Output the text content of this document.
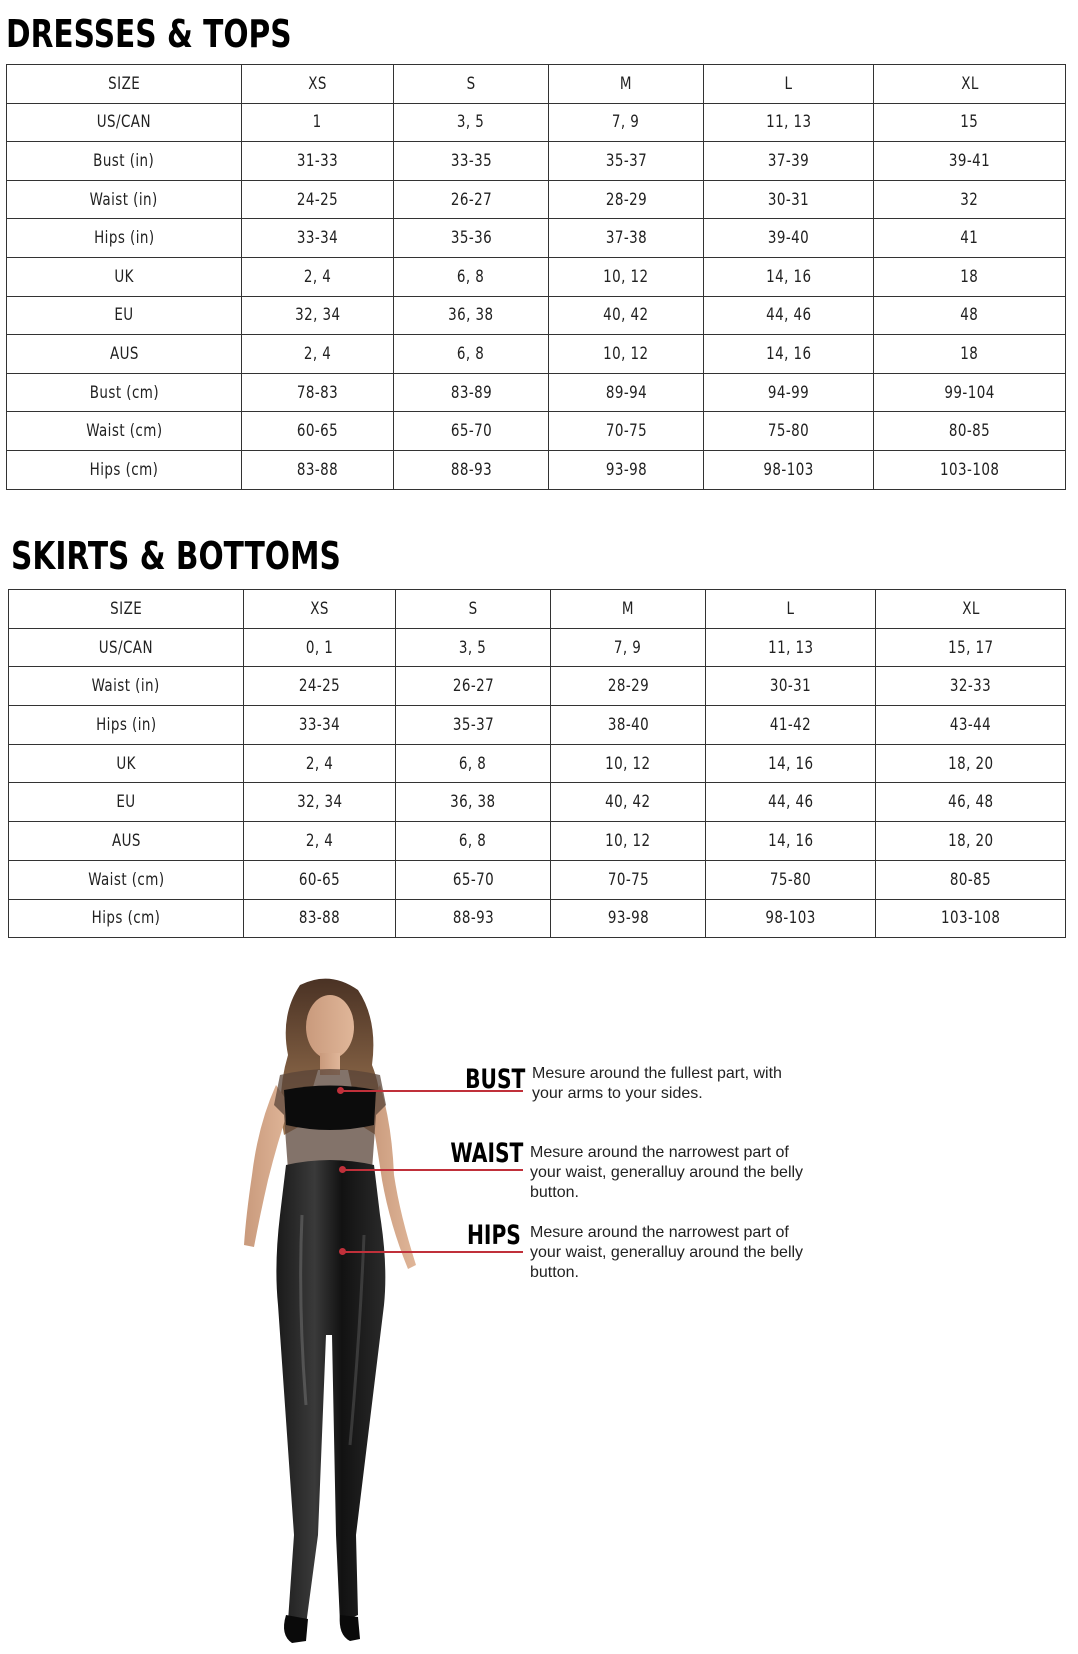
DRESSES & TOPS
SIZE	XS	S	M	L	XL
US/CAN	1	3, 5	7, 9	11, 13	15
Bust (in)	31-33	33-35	35-37	37-39	39-41
Waist (in)	24-25	26-27	28-29	30-31	32
Hips (in)	33-34	35-36	37-38	39-40	41
UK	2, 4	6, 8	10, 12	14, 16	18
EU	32, 34	36, 38	40, 42	44, 46	48
AUS	2, 4	6, 8	10, 12	14, 16	18
Bust (cm)	78-83	83-89	89-94	94-99	99-104
Waist (cm)	60-65	65-70	70-75	75-80	80-85
Hips (cm)	83-88	88-93	93-98	98-103	103-108
SKIRTS & BOTTOMS
SIZE	XS	S	M	L	XL
US/CAN	0, 1	3, 5	7, 9	11, 13	15, 17
Waist (in)	24-25	26-27	28-29	30-31	32-33
Hips (in)	33-34	35-37	38-40	41-42	43-44
UK	2, 4	6, 8	10, 12	14, 16	18, 20
EU	32, 34	36, 38	40, 42	44, 46	46, 48
AUS	2, 4	6, 8	10, 12	14, 16	18, 20
Waist (cm)	60-65	65-70	70-75	75-80	80-85
Hips (cm)	83-88	88-93	93-98	98-103	103-108
BUST Mesure around the fullest part, with your arms to your sides.
WAIST Mesure around the narrowest part of your waist, generalluy around the belly button.
HIPS Mesure around the narrowest part of your waist, generalluy around the belly button.
